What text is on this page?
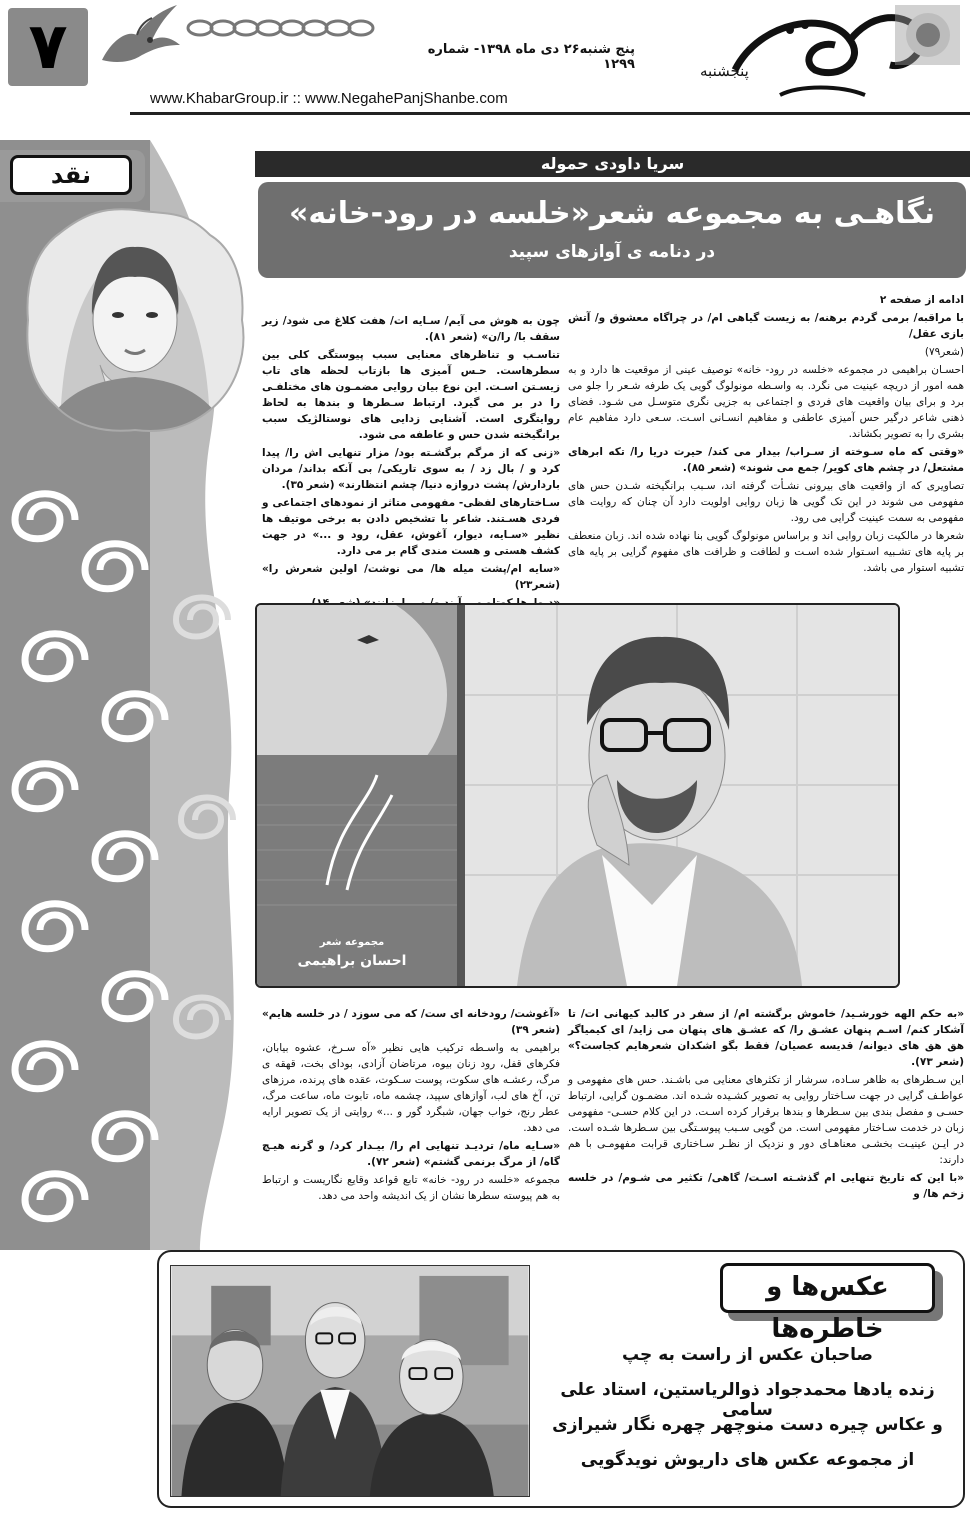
۷	پنج شنبه۲۶ دی ماه ۱۳۹۸- شماره ۱۲۹۹
www.KhabarGroup.ir :: www.NegahePanjShanbe.com
پنجشنبه
نقد	سریا داودی حموله
نگاهـی به مجموعه شعر«خلسه در رود-خانه»
در دنامه ی آوازهای سپید

ادامه از صفحه ۲

با مراقبه/ برمی گردم برهنه/ به زیست گیاهی ام/ در چراگاه معشوق و/ آتش بازی عقل/

(شعر۷۹)

احسـان براهیمی در مجموعه «خلسه در رود- خانه» توصیف عینی از موقعیت ها دارد و به همه امور از دریچه عینیت می نگرد. به واسـطه مونولوگ گویی یک طرفه شـعر را جلو می برد و برای بیان واقعیت های فردی و اجتماعی به جزیی نگری متوسـل می شـود. فضای ذهنی شاعر درگیر حس آمیزی عاطفی و مفاهیم انسـانی اسـت. سـعی دارد مفاهیم عام بشری را به تصویر بکشاند.

«وقتی که ماه سـوخته از سـراب/ بیدار می کند/ حیرت دریا را/ تکه ابرهای مشتعل/ در چشم های کویر/ جمع می شوند» (شعر ۸۵).

تصاویری که از واقعیت های بیرونی نشـأت گرفته اند، سـبب برانگیخته شـدن حس های مفهومی می شوند در این تک گویی ها زبان روایی اولویت دارد آن چنان که روایت های مفهومی به سمت عینیت گرایی می رود.

شعرها در مالکیت زبان روایی اند و براساس مونولوگ گویی بنا نهاده شده اند. زبان منعطف بر پایه های تشـبیه اسـتوار شده اسـت و لطافت و ظرافت های مفهوم گرایی بر پایه های تشبیه استوار می باشد.

چون به هوش می آیم/ سـایه ات/ هفت کلاغ می شود/ زیر سقف با/ را/ن» (شعر ۸۱).

تناسـب و تناظرهای معنایی سبب پیوستگی کلی بین سطرهاست. حـس آمیزی ها بازتاب لحظه های تاب زیسـتن اسـت. این نوع بیان روایی مضمـون های مختلفـی را در بر می گیرد. ارتباط سـطرها و بندها به لحاظ روایتگری است. آشنایی زدایی های نوستالژیک سبب برانگیخته شدن حس و عاطفه می شود.

«زنی که از مرگم برگشـته بود/ مزار تنهایی اش را/ پیدا کرد و / بال زد / به سوی تاریکی/ بی آنکه بداند/ مردان باردارش/ پشت دروازه دنیا/ چشم انتظارند» (شعر ۳۵).

سـاختارهای لفظی- مفهومی متاثر از نمودهای اجتماعی و فردی هسـتند. شاعر با تشخیص دادن به برخی موتیف ها نظیر «سـایه، دیوار، آغوش، عقل، رود و ...» در جهت کشف هستی و هست مندی گام بر می دارد.

«سایه ام/پشت میله ها/ می نوشت/ اولین شعرش را» (شعر۲۳)

مجموعه شعر
احسان براهیمی

«به حکم الهه خورشـید/ خاموش برگشته ام/ از سفر در کالبد کیهانی ات/ تا آشکار کنم/ اسـم پنهان عشـق را/ که عشـق های پنهان می زاید/ ای کیمیاگر هق هق های دیوانه/ قدیسه عصیان/ فقط بگو اشکدان شعرهایم کجاست؟» (شعر ۷۳).

این سـطرهای به ظاهر سـاده، سرشار از تکثرهای معنایی می باشـند. حس های مفهومی و عواطـف گرایی در جهت سـاختار روایی به تصویر کشـیده شـده اند. مضمـون گرایی، ارتباط حسـی و مفصل بندی بین سـطرها و بندها برقرار کرده اسـت. در این کلام حسـی- مفهومی زبان در خدمت سـاختار مفهومی است. من گویی سـبب پیوسـتگی بین سـطرها شـده است. در ایـن عینیـت بخشـی معناهـای دور و نزدیک از نظـر سـاختاری قرابت مفهومـی با هم دارند:

«با این که تاریخ تنهایی ام گذشـته اسـت/ گاهی/ تکثیر می شـوم/ در خلسه زخم ها/ و

«آغوشت/ رودخانه ای ست/ که می سوزد / در خلسه هایم» (شعر ۳۹)

براهیمی به واسـطه ترکیب هایی نظیر «آه سـرخ، عشوه بیابان، فکرهای قفل، رود زنان بیوه، مرتاضان آزادی، بودای بخت، قهقه ی مرگ، رعشـه های سکوت، پوست سـکوت، عقده های پرنده، مرزهای تن، آخ های لب، آوازهای سپید، چشمه ماه، تابوت ماه، ساعت مرگ، عطر رنج، خواب جهان، شبگرد گور و ...» روایتی از یک تصویر ارایه می دهد.

«سـایه ماه/ تردیـد تنهایی ام را/ بیـدار کرد/ و گرنه هیـچ گاه/ از مرگ برنمی گشتم» (شعر ۷۲).

مجموعه «خلسه در رود- خانه» تابع قواعد وقایع نگاریست و ارتباط به هم پیوسته سطرها نشان از یک اندیشه واحد می دهد.

عکس‌ها و خاطره‌ها
صاحبان عکس از راست به چپ
زنده یادها محمدجواد ذوالریاستین، استاد علی سامی
و عکاس چیره دست منوچهر چهره نگار شیرازی
از مجموعه عکس های داریوش نویدگویی
